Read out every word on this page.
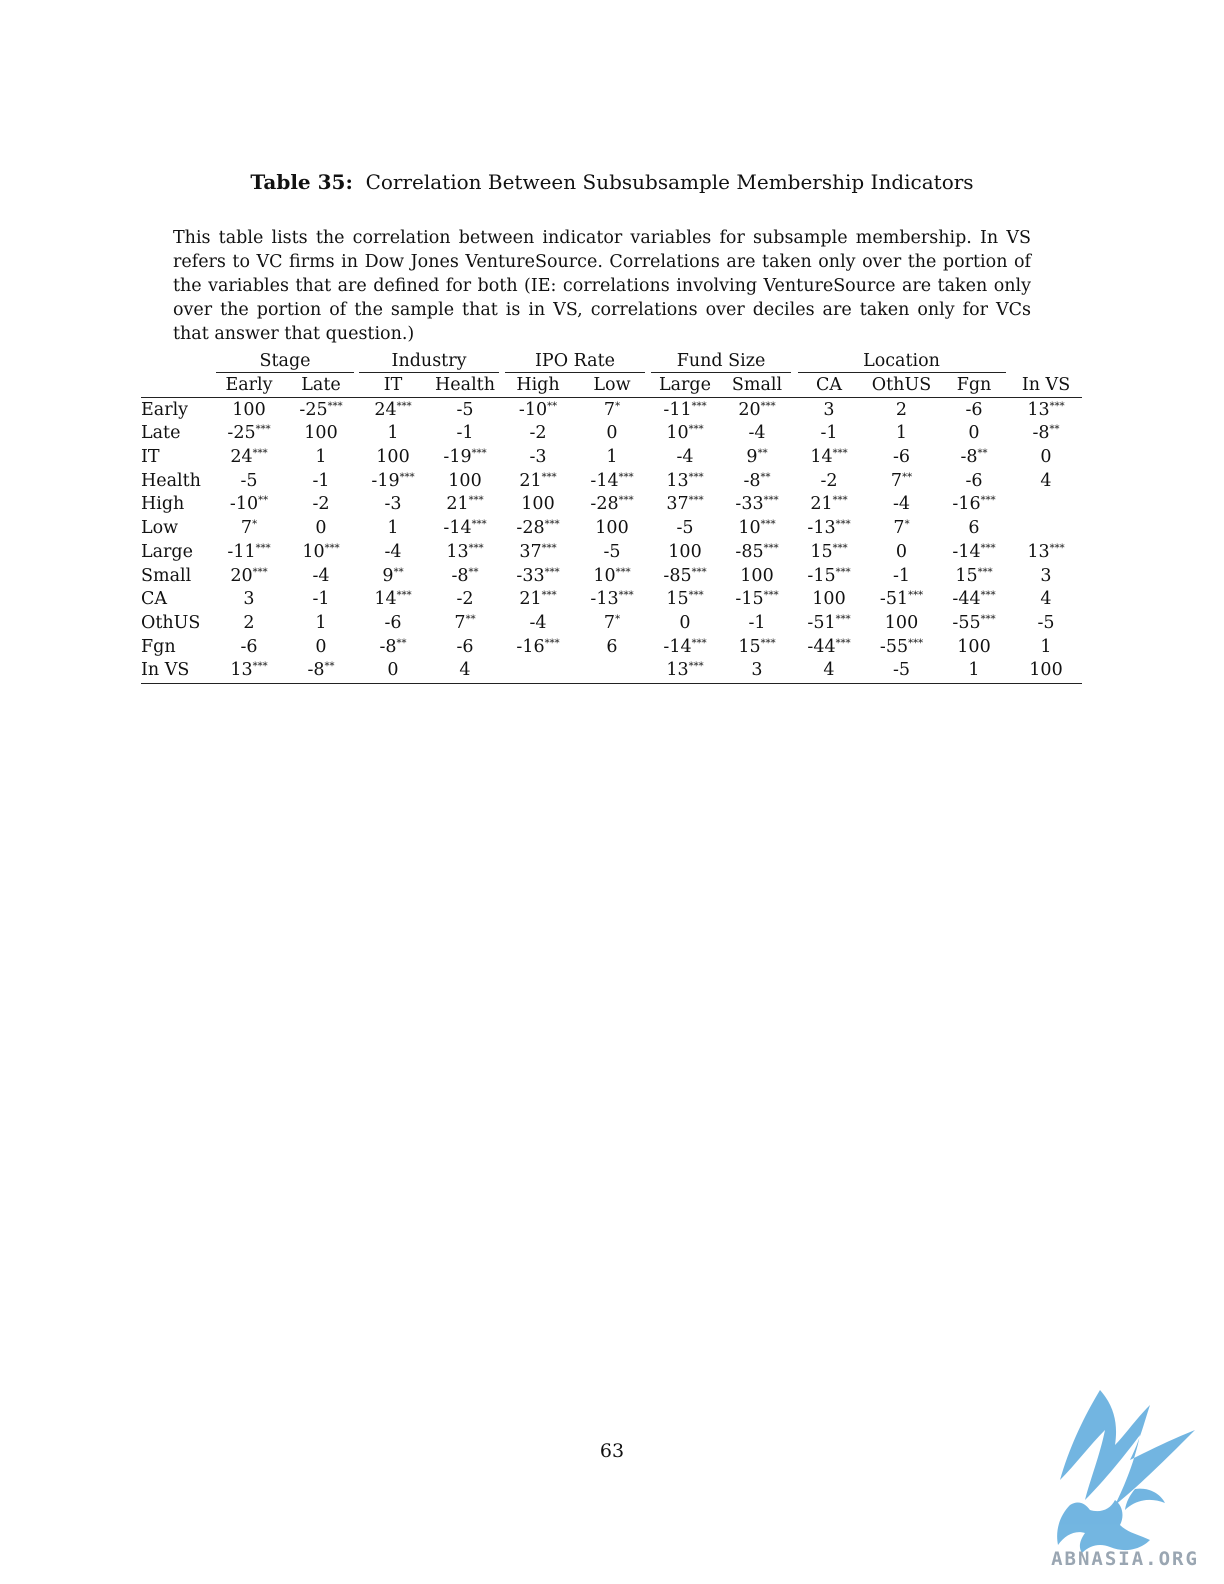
Table 35: Correlation Between Subsubsample Membership Indicators
This table lists the correlation between indicator variables for subsample membership. In VS refers to VC firms in Dow Jones VentureSource. Correlations are taken only over the portion of the variables that are defined for both (IE: correlations involving VentureSource are taken only over the portion of the sample that is in VS, correlations over deciles are taken only for VCs that answer that question.)
	Stage		Industry		IPO Rate		Fund Size		Location			
	Early	Late	IT	Health	High	Low	Large	Small	CA	OthUS	Fgn	In VS
Early	100	-25***	24***	-5	-10**	7*	-11***	20***	3	2	-6	13***
Late	-25***	100	1	-1	-2	0	10***	-4	-1	1	0	-8**
IT	24***	1	100	-19***	-3	1	-4	9**	14***	-6	-8**	0
Health	-5	-1	-19***	100	21***	-14***	13***	-8**	-2	7**	-6	4
High	-10**	-2	-3	21***	100	-28***	37***	-33***	21***	-4	-16***	
Low	7*	0	1	-14***	-28***	100	-5	10***	-13***	7*	6	
Large	-11***	10***	-4	13***	37***	-5	100	-85***	15***	0	-14***	13***
Small	20***	-4	9**	-8**	-33***	10***	-85***	100	-15***	-1	15***	3
CA	3	-1	14***	-2	21***	-13***	15***	-15***	100	-51***	-44***	4
OthUS	2	1	-6	7**	-4	7*	0	-1	-51***	100	-55***	-5
Fgn	-6	0	-8**	-6	-16***	6	-14***	15***	-44***	-55***	100	1
In VS	13***	-8**	0	4			13***	3	4	-5	1	100
63
ABNASIA.ORG
